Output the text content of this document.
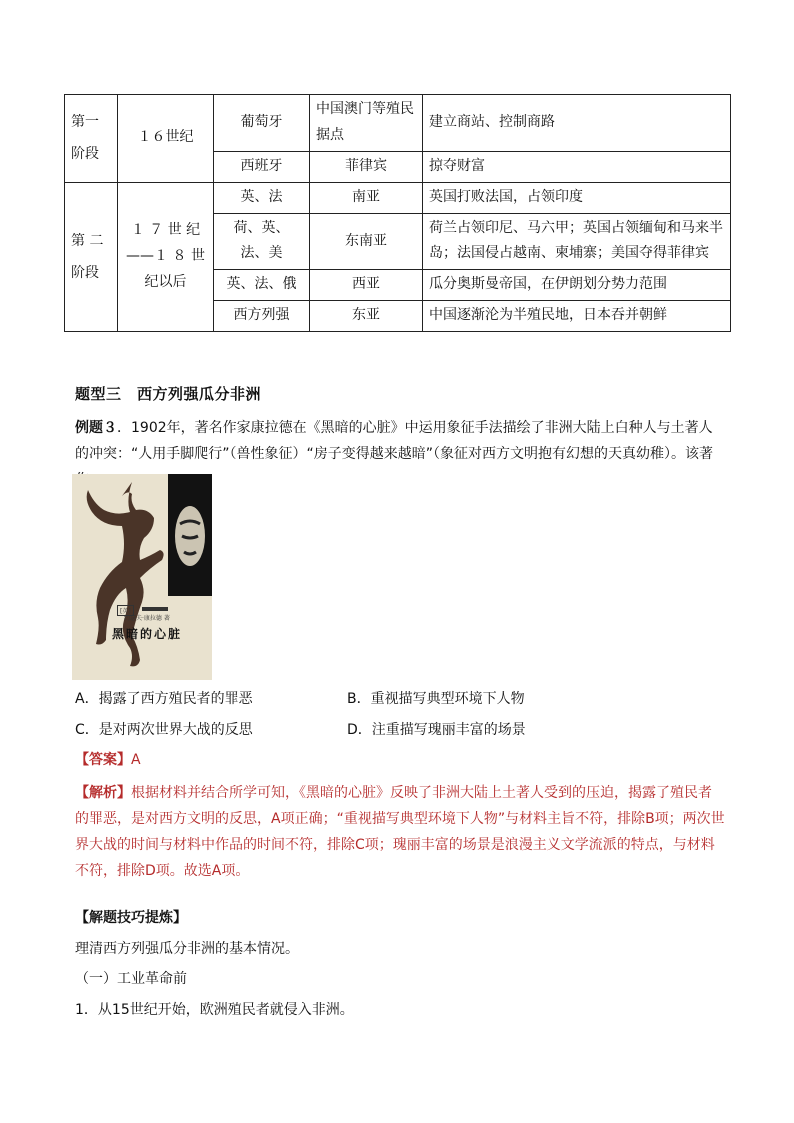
第一阶段	１６世纪	葡萄牙	中国澳门等殖民据点	建立商站、控制商路
		西班牙	菲律宾	掠夺财富
第 二阶段	１ ７ 世 纪——１ ８ 世纪以后	英、法	南亚	英国打败法国，占领印度
		荷、英、法、美	东南亚	荷兰占领印尼、马六甲；英国占领缅甸和马来半岛；法国侵占越南、柬埔寨；美国夺得菲律宾
		英、法、俄	西亚	瓜分奥斯曼帝国，在伊朗划分势力范围
		西方列强	东亚	中国逐渐沦为半殖民地，日本吞并朝鲜
题型三　西方列强瓜分非洲
例题３．1902年，著名作家康拉德在《黑暗的心脏》中运用象征手法描绘了非洲大陆上白种人与土著人的冲突：“人用手脚爬行”（兽性象征）“房子变得越来越暗”（象征对西方文明抱有幻想的天真幼稚）。该著
[英]
约瑟夫·康拉德 著
黑暗的心脏
A．揭露了西方殖民者的罪恶	B．重视描写典型环境下人物
C．是对两次世界大战的反思	D．注重描写瑰丽丰富的场景
【答案】A
【解析】根据材料并结合所学可知，《黑暗的心脏》反映了非洲大陆上土著人受到的压迫，揭露了殖民者的罪恶，是对西方文明的反思，A项正确；“重视描写典型环境下人物”与材料主旨不符，排除B项；两次世界大战的时间与材料中作品的时间不符，排除C项；瑰丽丰富的场景是浪漫主义文学流派的特点，与材料不符，排除D项。故选A项。
【解题技巧提炼】
理清西方列强瓜分非洲的基本情况。
（一）工业革命前
1．从15世纪开始，欧洲殖民者就侵入非洲。
